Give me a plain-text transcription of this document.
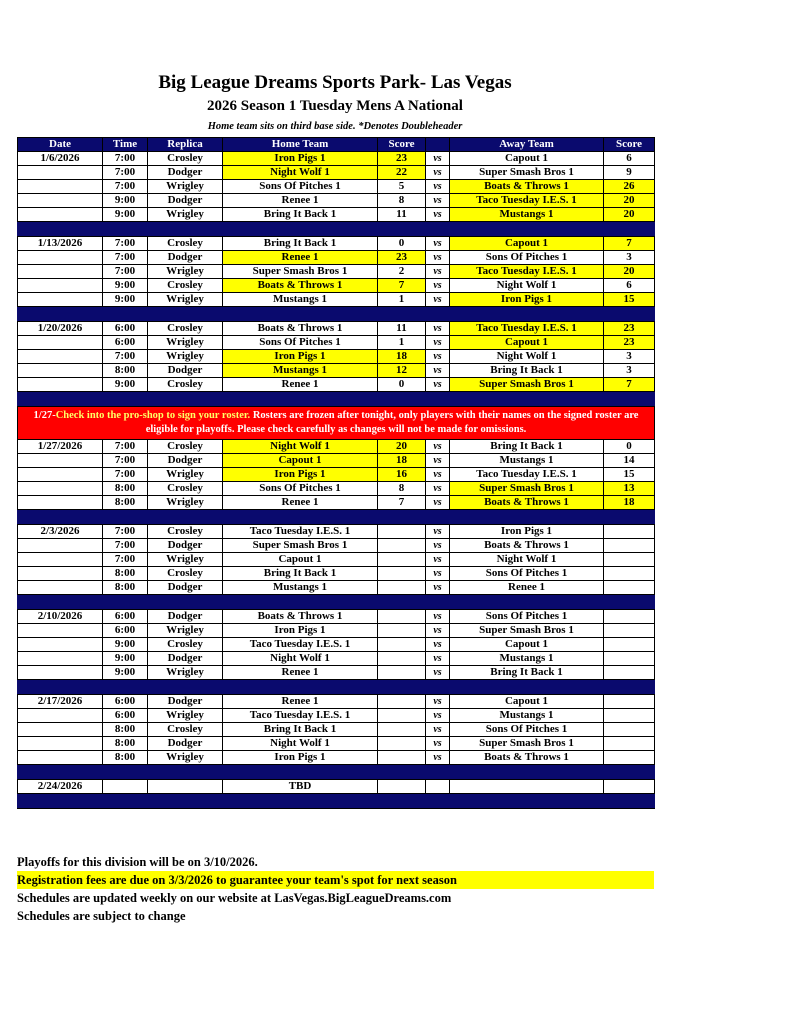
Big League Dreams Sports Park- Las Vegas
2026 Season 1 Tuesday Mens A National
Home team sits on third base side. *Denotes Doubleheader
Date	Time	Replica	Home Team	Score		Away Team	Score
1/6/2026	7:00	Crosley	Iron Pigs 1	23	vs	Capout 1	6
	7:00	Dodger	Night Wolf 1	22	vs	Super Smash Bros 1	9
	7:00	Wrigley	Sons Of Pitches 1	5	vs	Boats & Throws 1	26
	9:00	Dodger	Renee 1	8	vs	Taco Tuesday I.E.S. 1	20
	9:00	Wrigley	Bring It Back 1	11	vs	Mustangs 1	20

1/13/2026	7:00	Crosley	Bring It Back 1	0	vs	Capout 1	7
	7:00	Dodger	Renee 1	23	vs	Sons Of Pitches 1	3
	7:00	Wrigley	Super Smash Bros 1	2	vs	Taco Tuesday I.E.S. 1	20
	9:00	Crosley	Boats & Throws 1	7	vs	Night Wolf 1	6
	9:00	Wrigley	Mustangs 1	1	vs	Iron Pigs 1	15

1/20/2026	6:00	Crosley	Boats & Throws 1	11	vs	Taco Tuesday I.E.S. 1	23
	6:00	Wrigley	Sons Of Pitches 1	1	vs	Capout 1	23
	7:00	Wrigley	Iron Pigs 1	18	vs	Night Wolf 1	3
	8:00	Dodger	Mustangs 1	12	vs	Bring It Back 1	3
	9:00	Crosley	Renee 1	0	vs	Super Smash Bros 1	7

1/27-Check into the pro-shop to sign your roster. Rosters are frozen after tonight, only players with their names on the signed roster are eligible for playoffs. Please check carefully as changes will not be made for omissions.							
1/27/2026	7:00	Crosley	Night Wolf 1	20	vs	Bring It Back 1	0
	7:00	Dodger	Capout 1	18	vs	Mustangs 1	14
	7:00	Wrigley	Iron Pigs 1	16	vs	Taco Tuesday I.E.S. 1	15
	8:00	Crosley	Sons Of Pitches 1	8	vs	Super Smash Bros 1	13
	8:00	Wrigley	Renee 1	7	vs	Boats & Throws 1	18

2/3/2026	7:00	Crosley	Taco Tuesday I.E.S. 1		vs	Iron Pigs 1	
	7:00	Dodger	Super Smash Bros 1		vs	Boats & Throws 1	
	7:00	Wrigley	Capout 1		vs	Night Wolf 1	
	8:00	Crosley	Bring It Back 1		vs	Sons Of Pitches 1	
	8:00	Dodger	Mustangs 1		vs	Renee 1	

2/10/2026	6:00	Dodger	Boats & Throws 1		vs	Sons Of Pitches 1	
	6:00	Wrigley	Iron Pigs 1		vs	Super Smash Bros 1	
	9:00	Crosley	Taco Tuesday I.E.S. 1		vs	Capout 1	
	9:00	Dodger	Night Wolf 1		vs	Mustangs 1	
	9:00	Wrigley	Renee 1		vs	Bring It Back 1	

2/17/2026	6:00	Dodger	Renee 1		vs	Capout 1	
	6:00	Wrigley	Taco Tuesday I.E.S. 1		vs	Mustangs 1	
	8:00	Crosley	Bring It Back 1		vs	Sons Of Pitches 1	
	8:00	Dodger	Night Wolf 1		vs	Super Smash Bros 1	
	8:00	Wrigley	Iron Pigs 1		vs	Boats & Throws 1	

2/24/2026			TBD				

Playoffs for this division will be on 3/10/2026.
Registration fees are due on 3/3/2026 to guarantee your team's spot for next season
Schedules are updated weekly on our website at LasVegas.BigLeagueDreams.com
Schedules are subject to change
